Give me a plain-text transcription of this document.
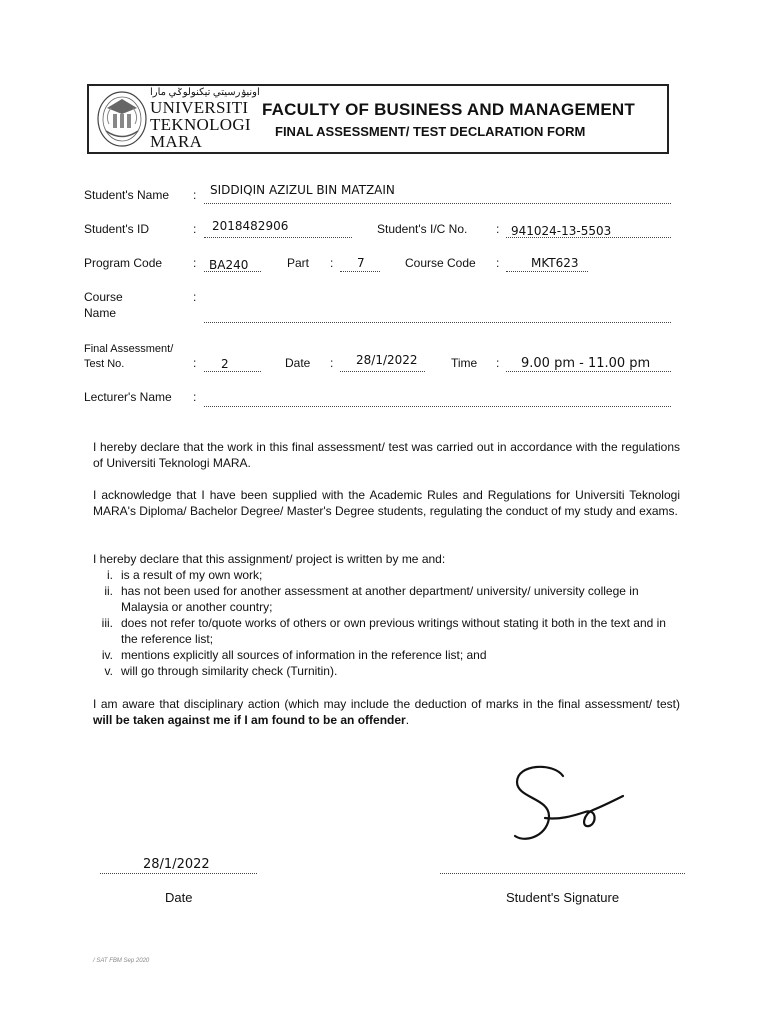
اونيۏرسيتي تيكنولوݢي مارا
UNIVERSITI
TEKNOLOGI
MARA
FACULTY OF BUSINESS AND MANAGEMENT
FINAL ASSESSMENT/ TEST DECLARATION FORM
Student's Name : SIDDIQIN AZIZUL BIN MATZAIN
Student's ID	: 2018482906	Student's I/C No. : 941024-13-5503
Program Code	: BA240	Part : 7	Course Code :	MKT623
Course
Name
:
Final Assessment/
Test No.	: 2	Date : 28/1/2022	Time : 9.00 pm - 11.00 pm
Lecturer's Name :
I hereby declare that the work in this final assessment/ test was carried out in accordance with the regulations of Universiti Teknologi MARA.
I acknowledge that I have been supplied with the Academic Rules and Regulations for Universiti Teknologi MARA's Diploma/ Bachelor Degree/ Master's Degree students, regulating the conduct of my study and exams.
I hereby declare that this assignment/ project is written by me and:
i. is a result of my own work;
ii. has not been used for another assessment at another department/ university/ university college in Malaysia or another country;
iii. does not refer to/quote works of others or own previous writings without stating it both in the text and in the reference list;
iv. mentions explicitly all sources of information in the reference list; and
v. will go through similarity check (Turnitin).
I am aware that disciplinary action (which may include the deduction of marks in the final assessment/ test) will be taken against me if I am found to be an offender.
28/1/2022
Date	Student's Signature
/ SAT FBM Sep 2020
